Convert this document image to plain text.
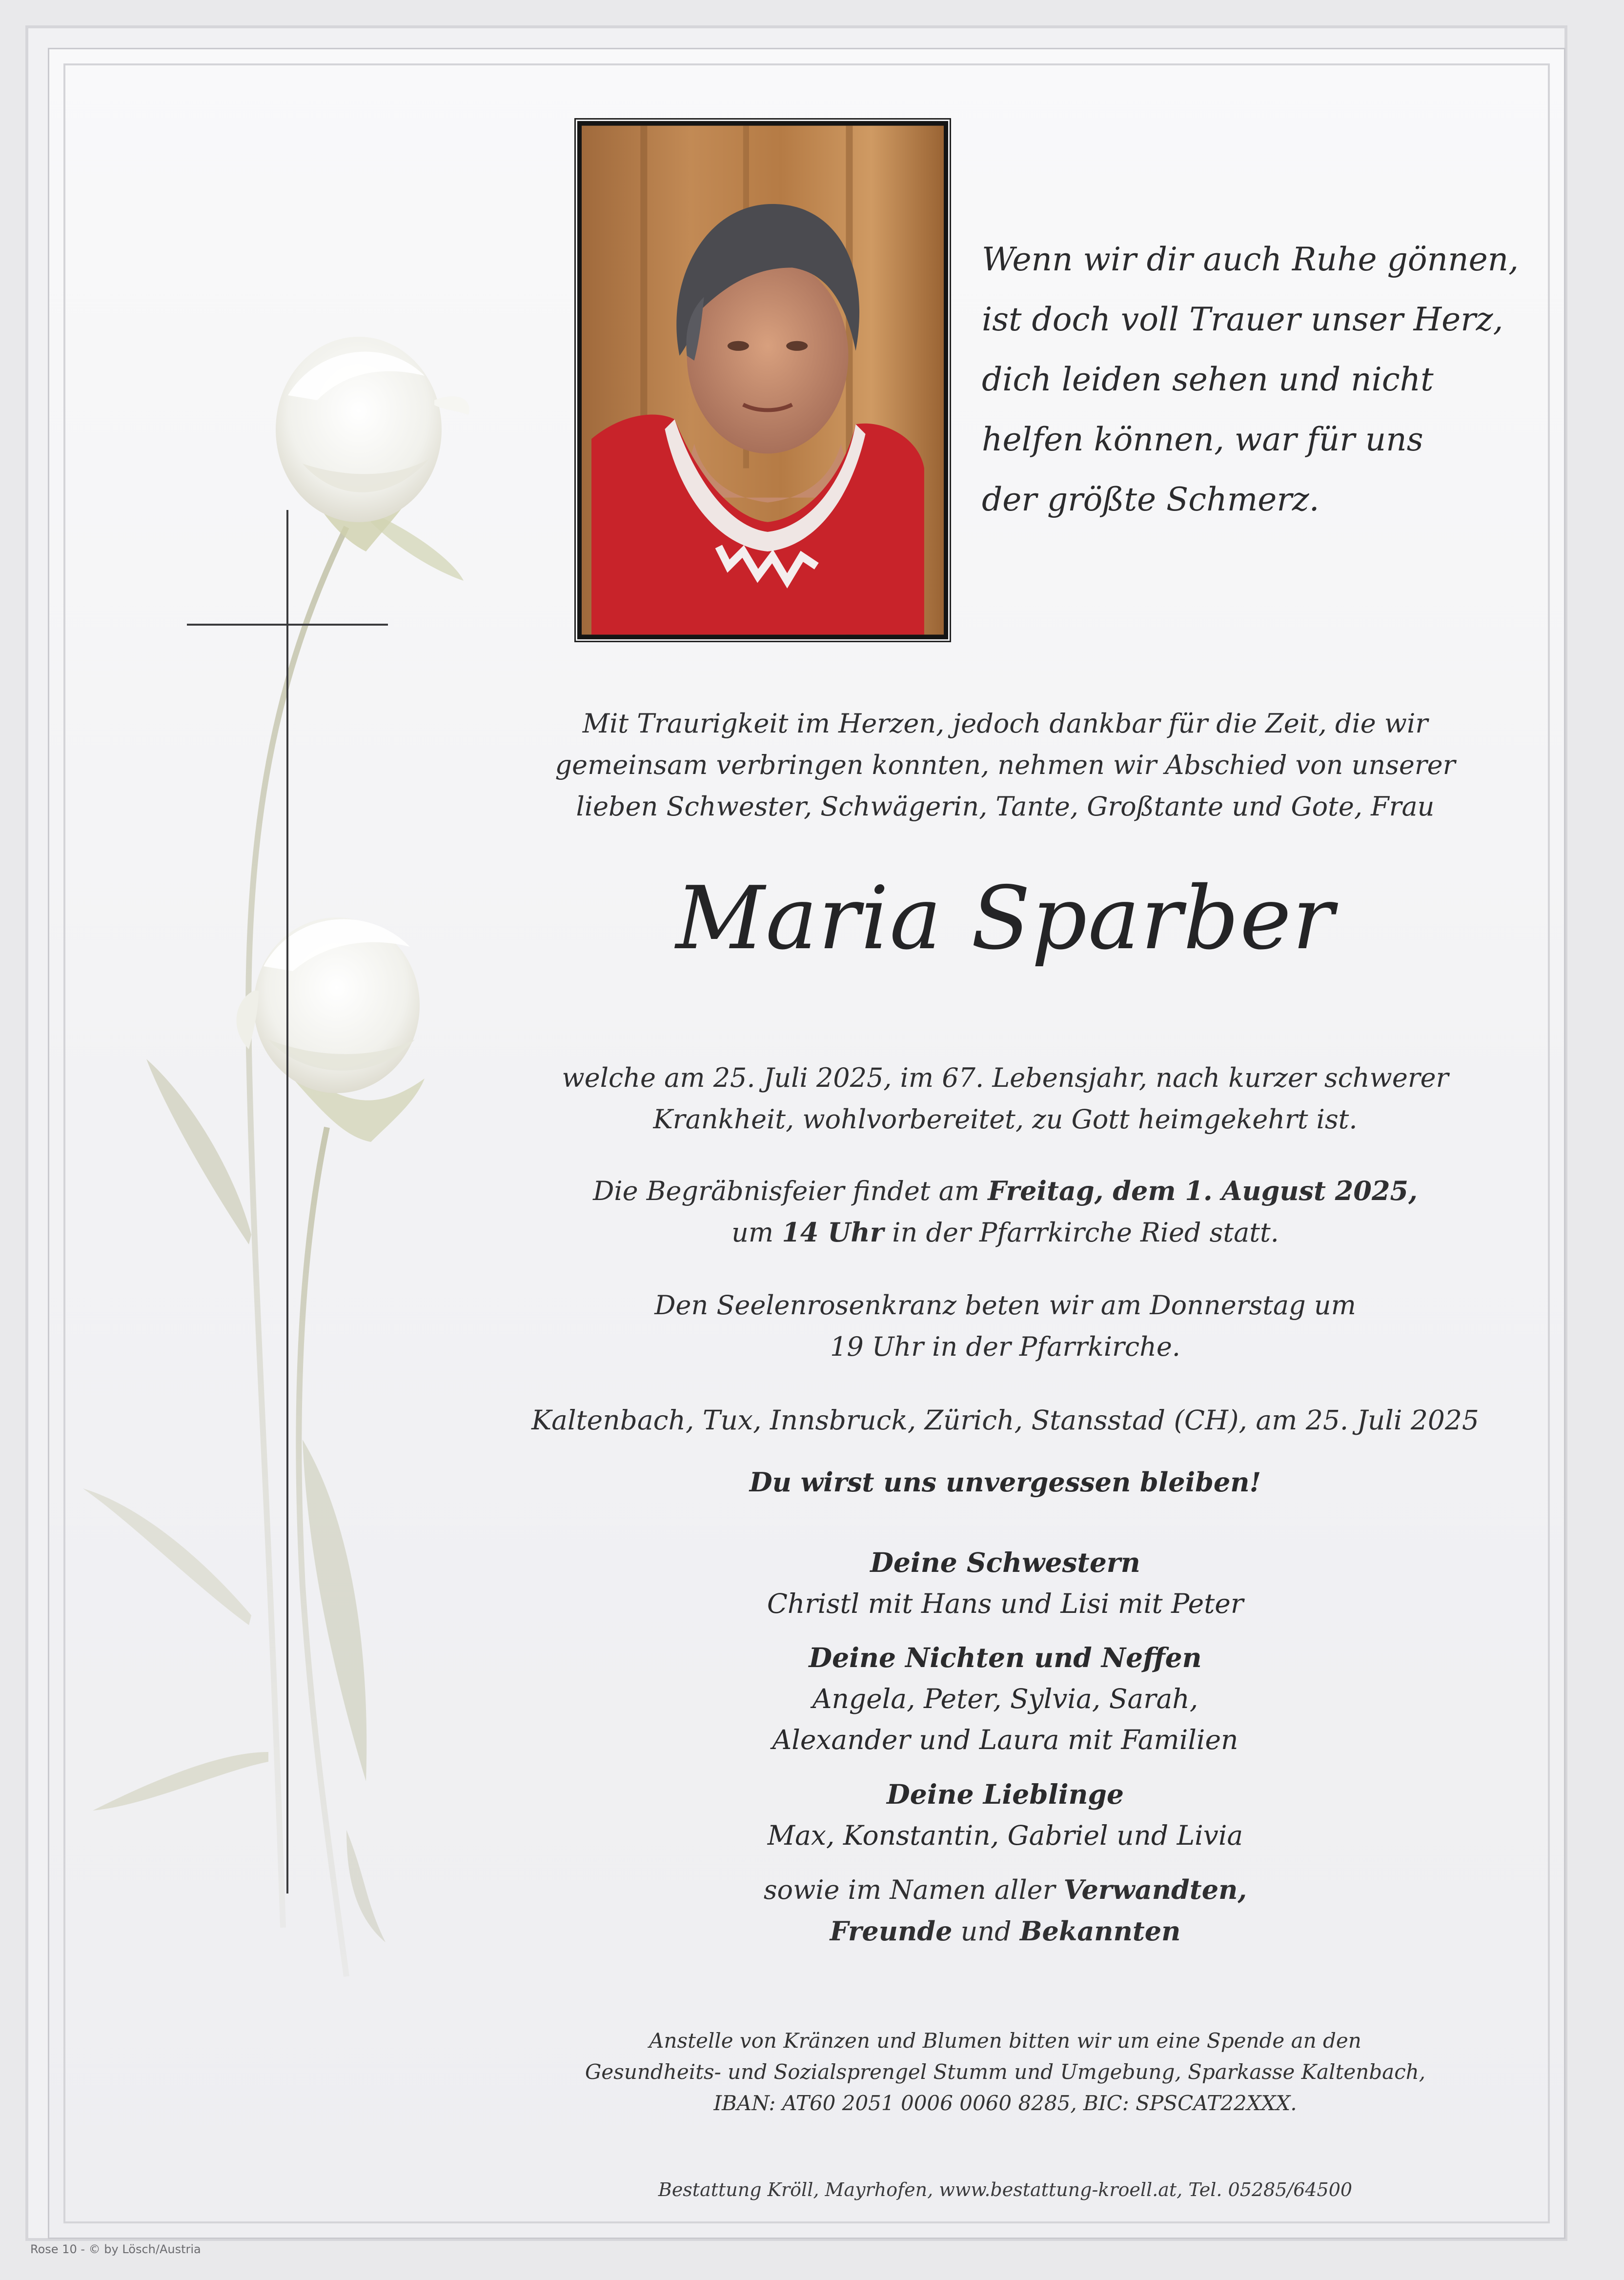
Wenn wir dir auch Ruhe gönnen,
ist doch voll Trauer unser Herz,
dich leiden sehen und nicht
helfen können, war für uns
der größte Schmerz.
Mit Traurigkeit im Herzen, jedoch dankbar für die Zeit, die wir
gemeinsam verbringen konnten, nehmen wir Abschied von unserer
lieben Schwester, Schwägerin, Tante, Großtante und Gote, Frau
Maria Sparber
welche am 25. Juli 2025, im 67. Lebensjahr, nach kurzer schwerer
Krankheit, wohlvorbereitet, zu Gott heimgekehrt ist.
Die Begräbnisfeier findet am Freitag, dem 1. August 2025,
um 14 Uhr in der Pfarrkirche Ried statt.
Den Seelenrosenkranz beten wir am Donnerstag um
19 Uhr in der Pfarrkirche.
Kaltenbach, Tux, Innsbruck, Zürich, Stansstad (CH), am 25. Juli 2025
Du wirst uns unvergessen bleiben!
Deine Schwestern
Christl mit Hans und Lisi mit Peter
Deine Nichten und Neffen
Angela, Peter, Sylvia, Sarah,
Alexander und Laura mit Familien
Deine Lieblinge
Max, Konstantin, Gabriel und Livia
sowie im Namen aller Verwandten,
Freunde und Bekannten
Anstelle von Kränzen und Blumen bitten wir um eine Spende an den
Gesundheits- und Sozialsprengel Stumm und Umgebung, Sparkasse Kaltenbach,
IBAN: AT60 2051 0006 0060 8285, BIC: SPSCAT22XXX.
Bestattung Kröll, Mayrhofen, www.bestattung-kroell.at, Tel. 05285/64500
Rose 10 - © by Lösch/Austria
